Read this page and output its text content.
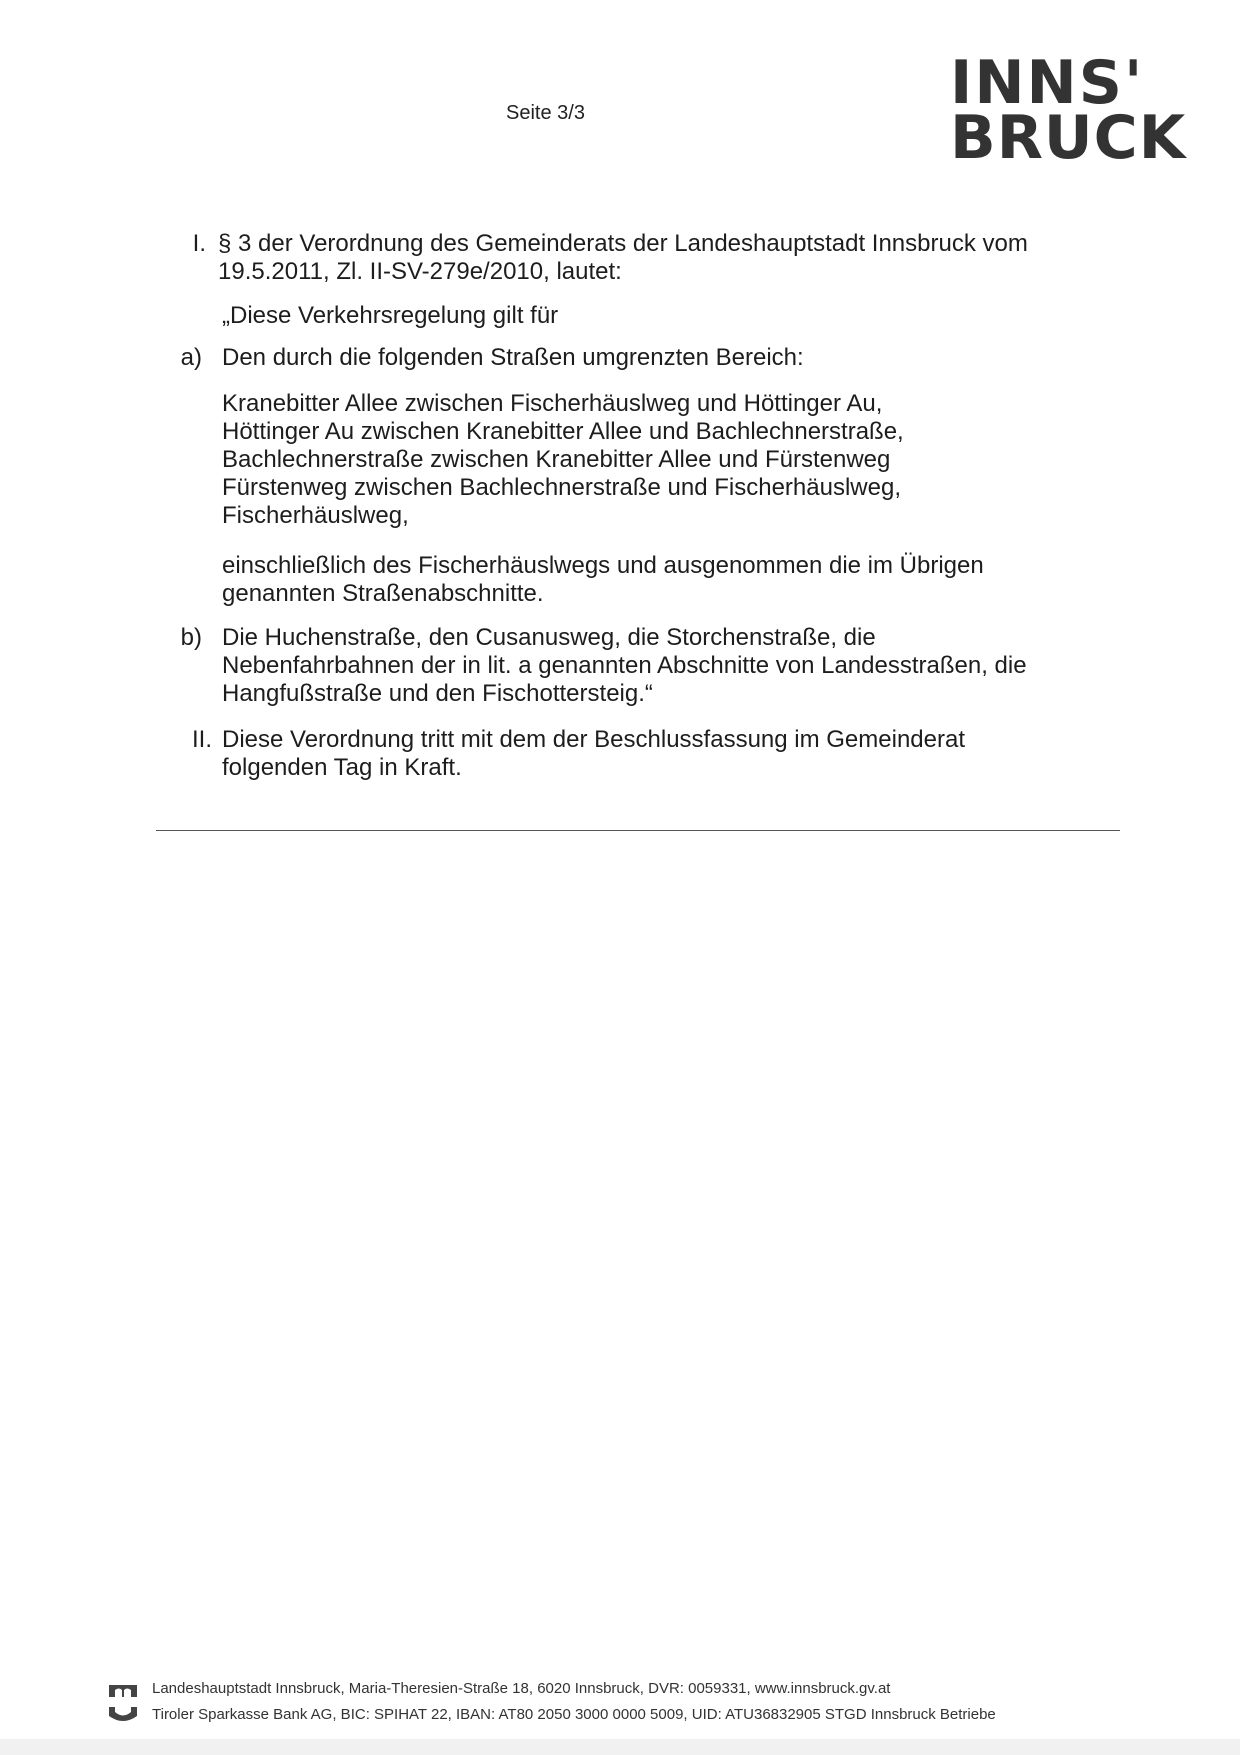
Seite 3/3	INNS'
BRUCK
I. § 3 der Verordnung des Gemeinderats der Landeshauptstadt Innsbruck vom 19.5.2011, Zl. II-SV-279e/2010, lautet:
„Diese Verkehrsregelung gilt für
a) Den durch die folgenden Straßen umgrenzten Bereich:
Kranebitter Allee zwischen Fischerhäuslweg und Höttinger Au,
Höttinger Au zwischen Kranebitter Allee und Bachlechnerstraße,
Bachlechnerstraße zwischen Kranebitter Allee und Fürstenweg
Fürstenweg zwischen Bachlechnerstraße und Fischerhäuslweg,
Fischerhäuslweg,
einschließlich des Fischerhäuslwegs und ausgenommen die im Übrigen genannten Straßenabschnitte.
b) Die Huchenstraße, den Cusanusweg, die Storchenstraße, die Nebenfahrbahnen der in lit. a genannten Abschnitte von Landesstraßen, die Hangfußstraße und den Fischottersteig.“
II. Diese Verordnung tritt mit dem der Beschlussfassung im Gemeinderat folgenden Tag in Kraft.
Landeshauptstadt Innsbruck, Maria-Theresien-Straße 18, 6020 Innsbruck, DVR: 0059331, www.innsbruck.gv.at
Tiroler Sparkasse Bank AG, BIC: SPIHAT 22, IBAN: AT80 2050 3000 0000 5009, UID: ATU36832905 STGD Innsbruck Betriebe
